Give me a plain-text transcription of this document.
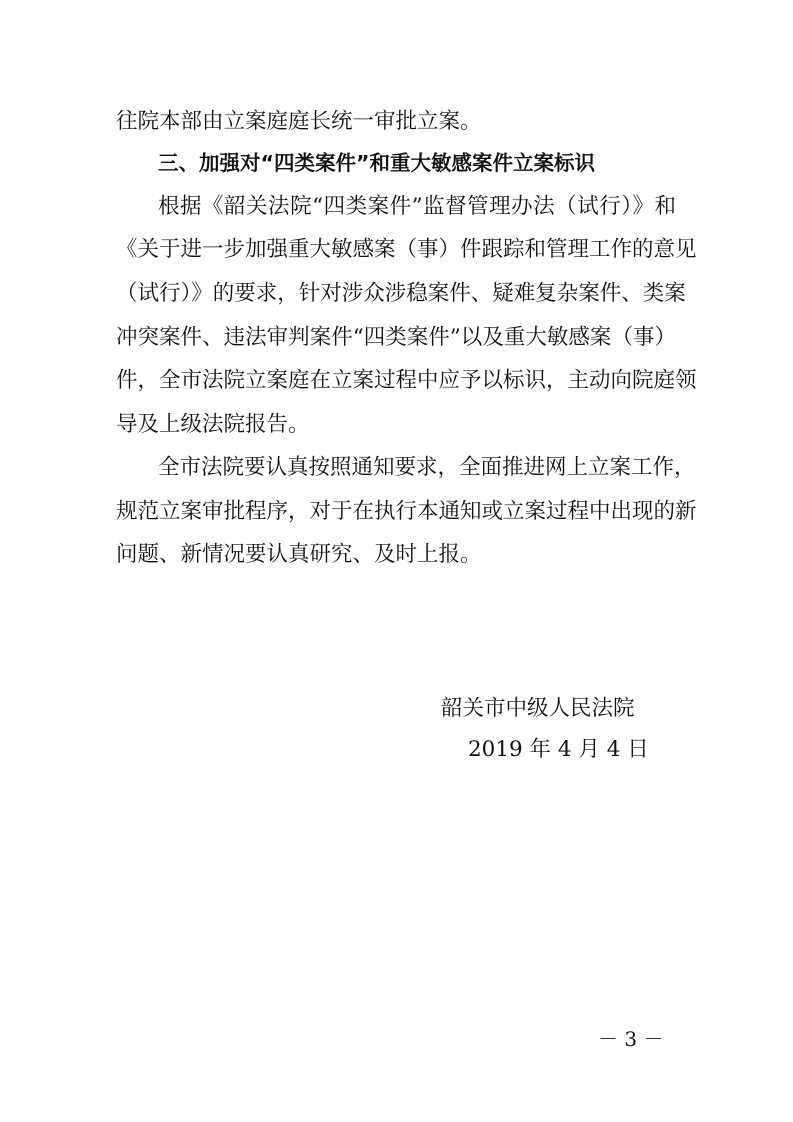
往院本部由立案庭庭长统一审批立案。

三、加强对“四类案件”和重大敏感案件立案标识

根据《韶关法院“四类案件”监督管理办法（试行）》和

《关于进一步加强重大敏感案（事）件跟踪和管理工作的意见

（试行）》的要求，针对涉众涉稳案件、疑难复杂案件、类案

冲突案件、违法审判案件“四类案件”以及重大敏感案（事）

件，全市法院立案庭在立案过程中应予以标识，主动向院庭领

导及上级法院报告。

全市法院要认真按照通知要求，全面推进网上立案工作，

规范立案审批程序，对于在执行本通知或立案过程中出现的新

问题、新情况要认真研究、及时上报。

韶关市中级人民法院

2019 年 4 月 4 日

－ 3 －
